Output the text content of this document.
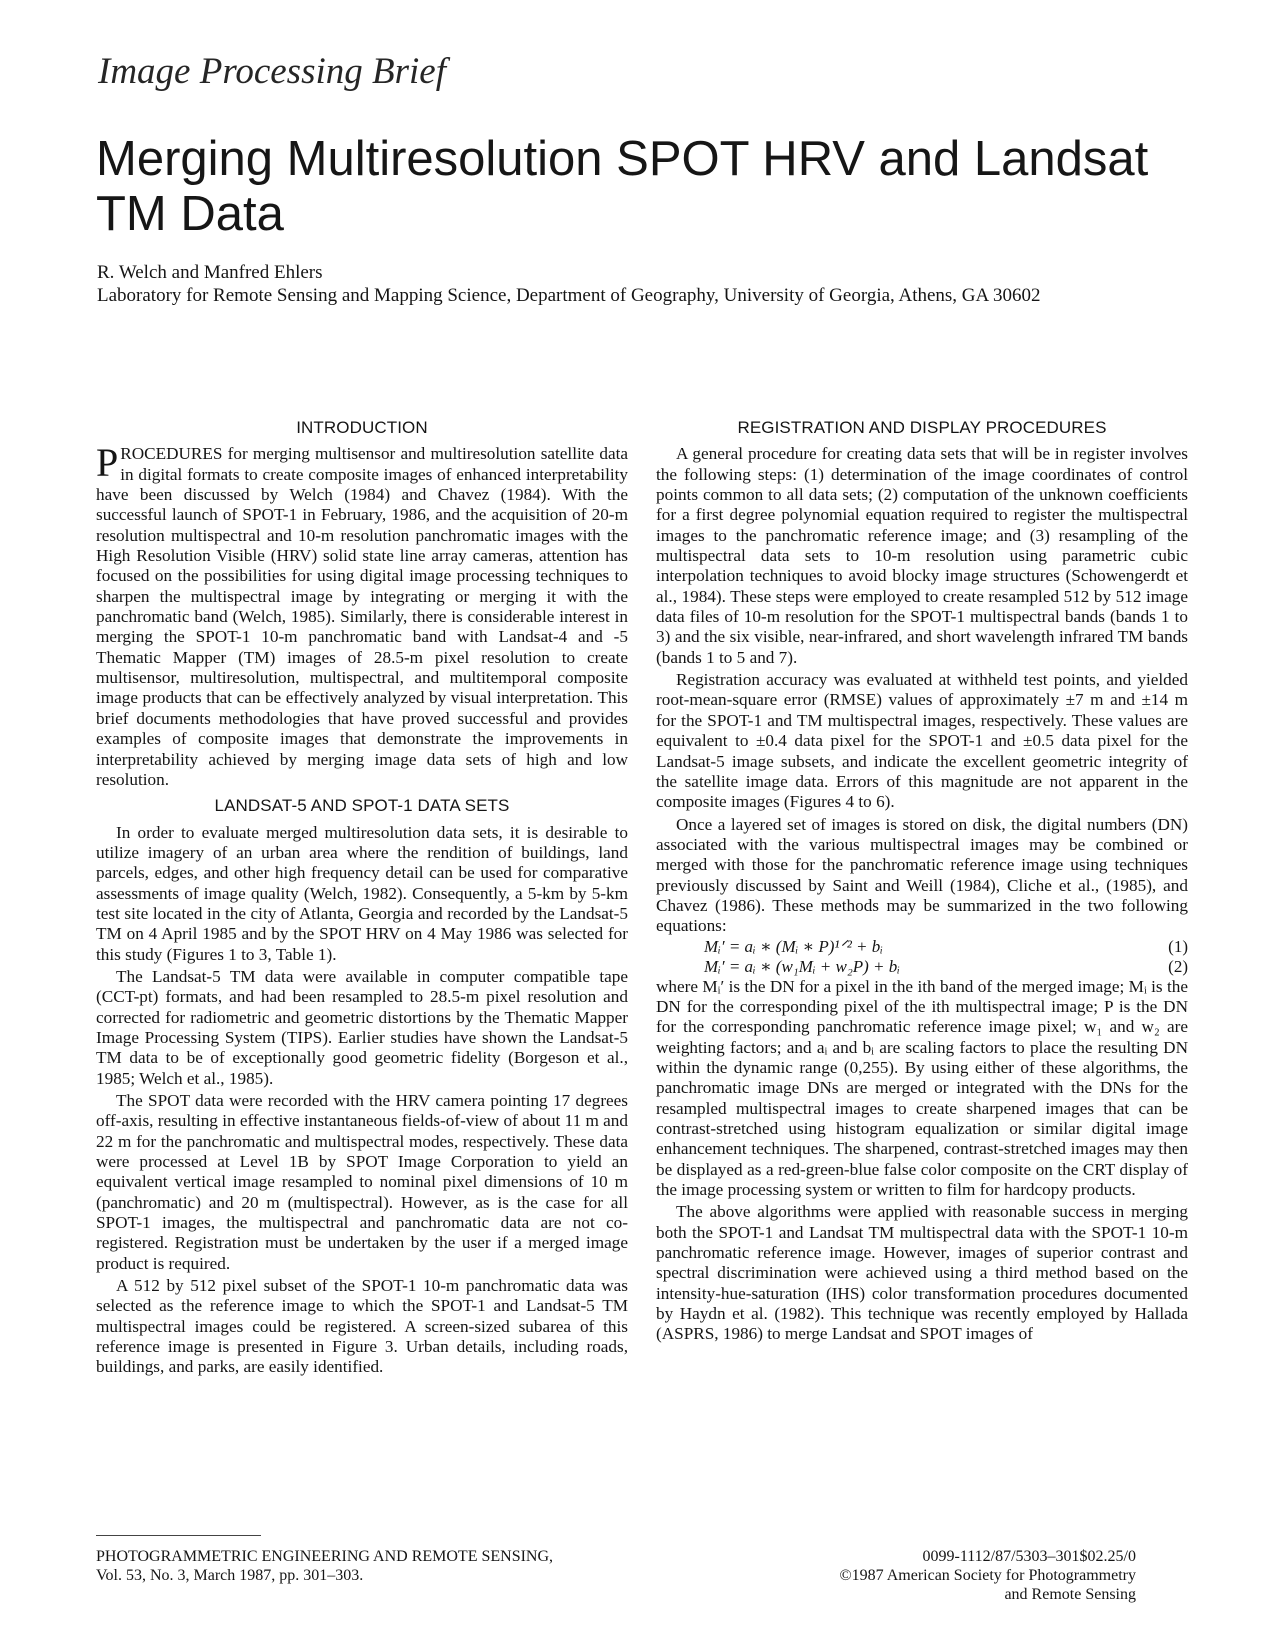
Image Processing Brief
Merging Multiresolution SPOT HRV and Landsat TM Data
R. Welch and Manfred Ehlers
Laboratory for Remote Sensing and Mapping Science, Department of Geography, University of Georgia, Athens, GA 30602
INTRODUCTION

PROCEDURES for merging multisensor and multiresolution satellite data in digital formats to create composite images of enhanced interpretability have been discussed by Welch (1984) and Chavez (1984). With the successful launch of SPOT-1 in February, 1986, and the acquisition of 20-m resolution multispectral and 10-m resolution panchromatic images with the High Resolution Visible (HRV) solid state line array cameras, attention has focused on the possibilities for using digital image processing techniques to sharpen the multispectral image by integrating or merging it with the panchromatic band (Welch, 1985). Similarly, there is considerable interest in merging the SPOT-1 10-m panchromatic band with Landsat-4 and -5 Thematic Mapper (TM) images of 28.5-m pixel resolution to create multisensor, multiresolution, multispectral, and multitemporal composite image products that can be effectively analyzed by visual interpretation. This brief documents methodologies that have proved successful and provides examples of composite images that demonstrate the improvements in interpretability achieved by merging image data sets of high and low resolution.

LANDSAT-5 AND SPOT-1 DATA SETS

In order to evaluate merged multiresolution data sets, it is desirable to utilize imagery of an urban area where the rendition of buildings, land parcels, edges, and other high frequency detail can be used for comparative assessments of image quality (Welch, 1982). Consequently, a 5-km by 5-km test site located in the city of Atlanta, Georgia and recorded by the Landsat-5 TM on 4 April 1985 and by the SPOT HRV on 4 May 1986 was selected for this study (Figures 1 to 3, Table 1).

The Landsat-5 TM data were available in computer compatible tape (CCT-pt) formats, and had been resampled to 28.5-m pixel resolution and corrected for radiometric and geometric distortions by the Thematic Mapper Image Processing System (TIPS). Earlier studies have shown the Landsat-5 TM data to be of exceptionally good geometric fidelity (Borgeson et al., 1985; Welch et al., 1985).

The SPOT data were recorded with the HRV camera pointing 17 degrees off-axis, resulting in effective instantaneous fields-of-view of about 11 m and 22 m for the panchromatic and multispectral modes, respectively. These data were processed at Level 1B by SPOT Image Corporation to yield an equivalent vertical image resampled to nominal pixel dimensions of 10 m (panchromatic) and 20 m (multispectral). However, as is the case for all SPOT-1 images, the multispectral and panchromatic data are not co-registered. Registration must be undertaken by the user if a merged image product is required.

A 512 by 512 pixel subset of the SPOT-1 10-m panchromatic data was selected as the reference image to which the SPOT-1 and Landsat-5 TM multispectral images could be registered. A screen-sized subarea of this reference image is presented in Figure 3. Urban details, including roads, buildings, and parks, are easily identified.

REGISTRATION AND DISPLAY PROCEDURES

A general procedure for creating data sets that will be in register involves the following steps: (1) determination of the image coordinates of control points common to all data sets; (2) computation of the unknown coefficients for a first degree polynomial equation required to register the multispectral images to the panchromatic reference image; and (3) resampling of the multispectral data sets to 10-m resolution using parametric cubic interpolation techniques to avoid blocky image structures (Schowengerdt et al., 1984). These steps were employed to create resampled 512 by 512 image data files of 10-m resolution for the SPOT-1 multispectral bands (bands 1 to 3) and the six visible, near-infrared, and short wavelength infrared TM bands (bands 1 to 5 and 7).

Registration accuracy was evaluated at withheld test points, and yielded root-mean-square error (RMSE) values of approximately ±7 m and ±14 m for the SPOT-1 and TM multispectral images, respectively. These values are equivalent to ±0.4 data pixel for the SPOT-1 and ±0.5 data pixel for the Landsat-5 image subsets, and indicate the excellent geometric integrity of the satellite image data. Errors of this magnitude are not apparent in the composite images (Figures 4 to 6).

Once a layered set of images is stored on disk, the digital numbers (DN) associated with the various multispectral images may be combined or merged with those for the panchromatic reference image using techniques previously discussed by Saint and Weill (1984), Cliche et al., (1985), and Chavez (1986). These methods may be summarized in the two following equations:

Mᵢ′ = aᵢ ∗ (Mᵢ ∗ P)¹ᐟ² + bᵢ	(1)
Mᵢ′ = aᵢ ∗ (w₁Mᵢ + w₂P) + bᵢ	(2)

where Mᵢ′ is the DN for a pixel in the ith band of the merged image; Mᵢ is the DN for the corresponding pixel of the ith multispectral image; P is the DN for the corresponding panchromatic reference image pixel; w₁ and w₂ are weighting factors; and aᵢ and bᵢ are scaling factors to place the resulting DN within the dynamic range (0,255). By using either of these algorithms, the panchromatic image DNs are merged or integrated with the DNs for the resampled multispectral images to create sharpened images that can be contrast-stretched using histogram equalization or similar digital image enhancement techniques. The sharpened, contrast-stretched images may then be displayed as a red-green-blue false color composite on the CRT display of the image processing system or written to film for hardcopy products.

The above algorithms were applied with reasonable success in merging both the SPOT-1 and Landsat TM multispectral data with the SPOT-1 10-m panchromatic reference image. However, images of superior contrast and spectral discrimination were achieved using a third method based on the intensity-hue-saturation (IHS) color transformation procedures documented by Haydn et al. (1982). This technique was recently employed by Hallada (ASPRS, 1986) to merge Landsat and SPOT images of

PHOTOGRAMMETRIC ENGINEERING AND REMOTE SENSING,
Vol. 53, No. 3, March 1987, pp. 301–303.
0099-1112/87/5303–301$02.25/0
©1987 American Society for Photogrammetry
and Remote Sensing
